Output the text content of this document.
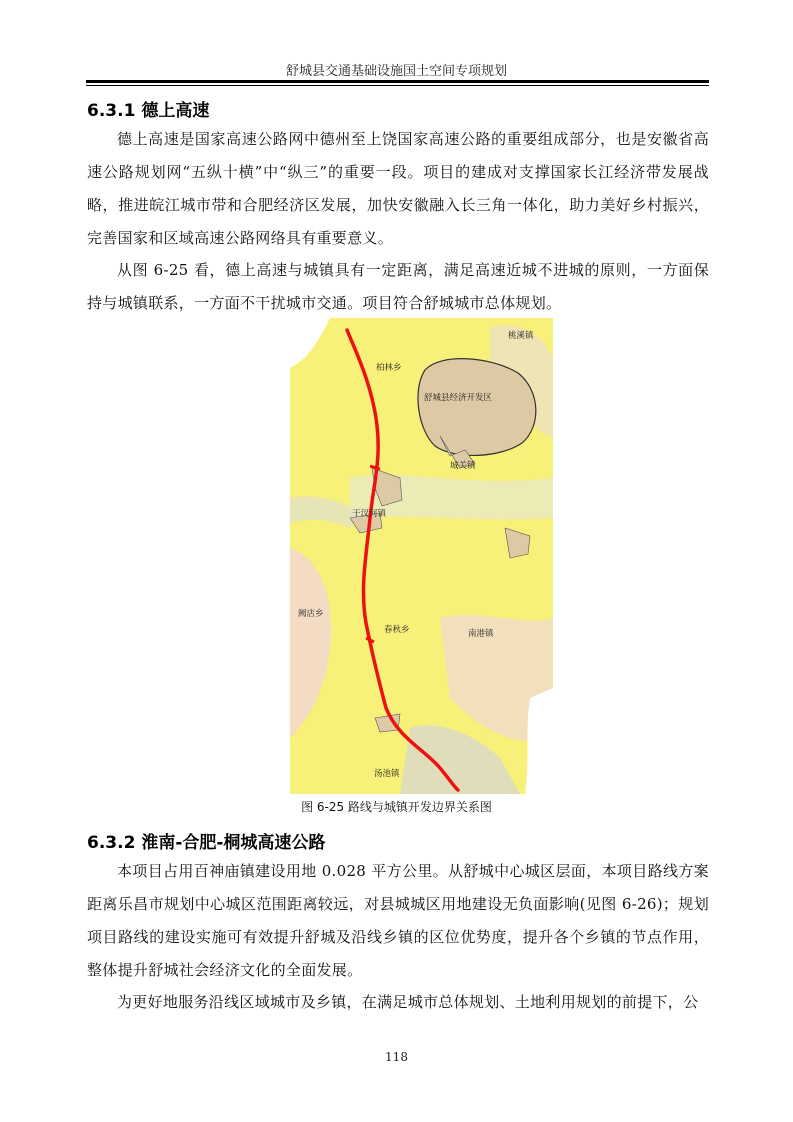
舒城县交通基础设施国土空间专项规划
6.3.1 德上高速

德上高速是国家高速公路网中德州至上饶国家高速公路的重要组成部分，也是安徽省高速公路规划网“五纵十横”中“纵三”的重要一段。项目的建成对支撑国家长江经济带发展战略，推进皖江城市带和合肥经济区发展，加快安徽融入长三角一体化，助力美好乡村振兴，完善国家和区域高速公路网络具有重要意义。

从图 6-25 看，德上高速与城镇具有一定距离，满足高速近城不进城的原则，一方面保持与城镇联系，一方面不干扰城市交通。项目符合舒城城市总体规划。

桃溪镇
柏林乡
舒城县经济开发区
城关镇
干汊河镇
阙店乡
春秋乡	南港镇
汤池镇
图 6-25 路线与城镇开发边界关系图
6.3.2 淮南-合肥-桐城高速公路

本项目占用百神庙镇建设用地 0.028 平方公里。从舒城中心城区层面，本项目路线方案距离乐昌市规划中心城区范围距离较远，对县城城区用地建设无负面影响(见图 6-26)；规划项目路线的建设实施可有效提升舒城及沿线乡镇的区位优势度，提升各个乡镇的节点作用，整体提升舒城社会经济文化的全面发展。

为更好地服务沿线区域城市及乡镇，在满足城市总体规划、土地利用规划的前提下，公

118
